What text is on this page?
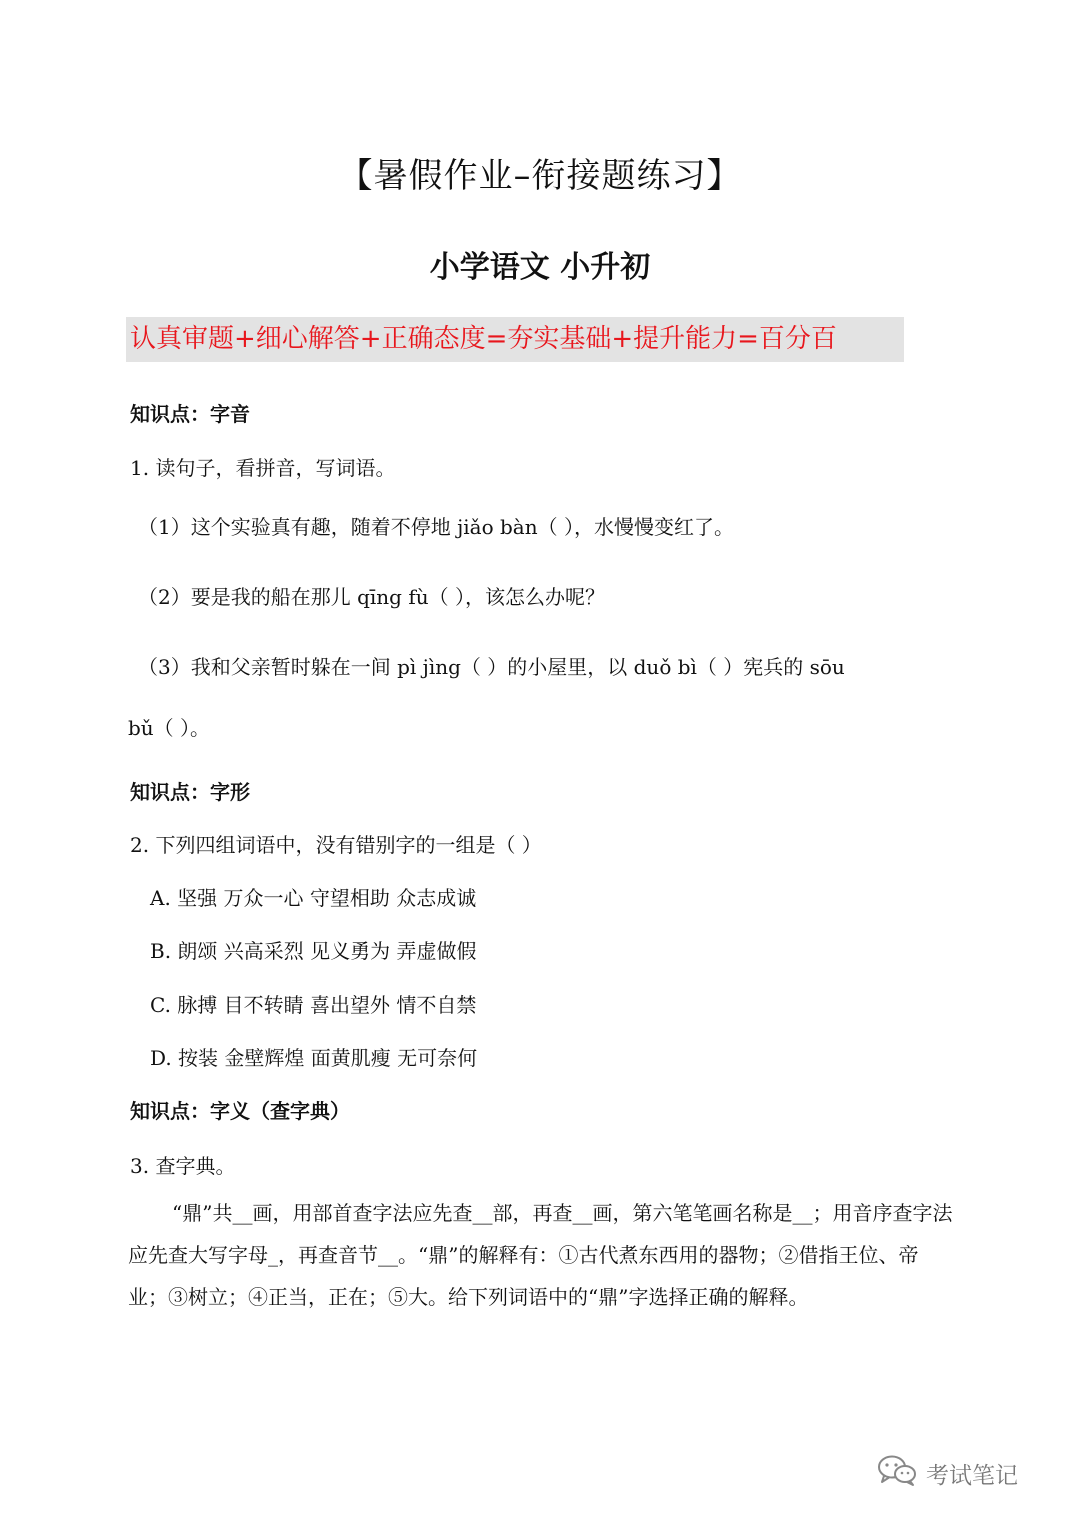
【暑假作业–衔接题练习】
小学语文 小升初
认真审题+细心解答+正确态度=夯实基础+提升能力=百分百
知识点：字音
1. 读句子，看拼音，写词语。
（1）这个实验真有趣，随着不停地 jiǎo bàn（ ），水慢慢变红了。
（2）要是我的船在那儿 qīng fù（ ），该怎么办呢？
（3）我和父亲暂时躲在一间 pì jìng（ ）的小屋里，以 duǒ bì（ ）宪兵的 sōu
bǔ（ ）。
知识点：字形
2. 下列四组词语中，没有错别字的一组是（ ）
A. 坚强 万众一心 守望相助 众志成诚
B. 朗颂 兴高采烈 见义勇为 弄虚做假
C. 脉搏 目不转睛 喜出望外 情不自禁
D. 按装 金壁辉煌 面黄肌瘦 无可奈何
知识点：字义（查字典）
3. 查字典。
“鼎”共__画，用部首查字法应先查__部，再查__画，第六笔笔画名称是__；用音序查字法应先查大写字母_，再查音节__。“鼎”的解释有：①古代煮东西用的器物；②借指王位、帝业；③树立；④正当，正在；⑤大。给下列词语中的“鼎”字选择正确的解释。
考试笔记
